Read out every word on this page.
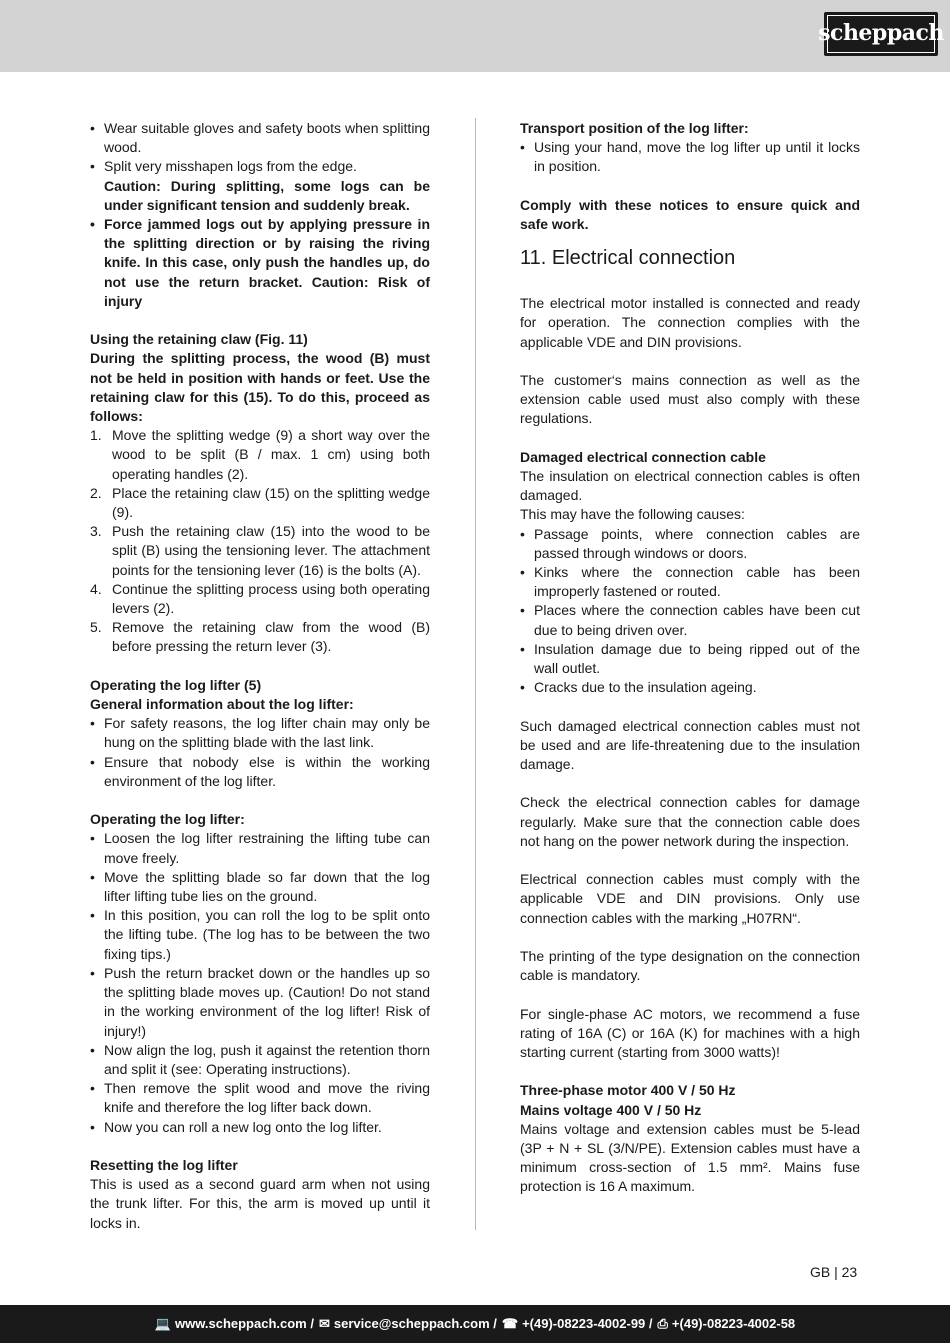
scheppach
• Wear suitable gloves and safety boots when splitting wood.
• Split very misshapen logs from the edge.
Caution: During splitting, some logs can be under significant tension and suddenly break.
• Force jammed logs out by applying pressure in the splitting direction or by raising the riving knife. In this case, only push the handles up, do not use the return bracket. Caution: Risk of injury

Using the retaining claw (Fig. 11)

During the splitting process, the wood (B) must not be held in position with hands or feet. Use the retaining claw for this (15). To do this, proceed as follows:

1. Move the splitting wedge (9) a short way over the wood to be split (B / max. 1 cm) using both operating handles (2).
2. Place the retaining claw (15) on the splitting wedge (9).
3. Push the retaining claw (15) into the wood to be split (B) using the tensioning lever. The attachment points for the tensioning lever (16) is the bolts (A).
4. Continue the splitting process using both operating levers (2).
5. Remove the retaining claw from the wood (B) before pressing the return lever (3).

Operating the log lifter (5)

General information about the log lifter:

• For safety reasons, the log lifter chain may only be hung on the splitting blade with the last link.
• Ensure that nobody else is within the working environment of the log lifter.

Operating the log lifter:

• Loosen the log lifter restraining the lifting tube can move freely.
• Move the splitting blade so far down that the log lifter lifting tube lies on the ground.
• In this position, you can roll the log to be split onto the lifting tube. (The log has to be between the two fixing tips.)
• Push the return bracket down or the handles up so the splitting blade moves up. (Caution! Do not stand in the working environment of the log lifter! Risk of injury!)
• Now align the log, push it against the retention thorn and split it (see: Operating instructions).
• Then remove the split wood and move the riving knife and therefore the log lifter back down.
• Now you can roll a new log onto the log lifter.

Resetting the log lifter

This is used as a second guard arm when not using the trunk lifter. For this, the arm is moved up until it locks in.

Transport position of the log lifter:

• Using your hand, move the log lifter up until it locks in position.

Comply with these notices to ensure quick and safe work.

11. Electrical connection

The electrical motor installed is connected and ready for operation. The connection complies with the applicable VDE and DIN provisions.

The customer‘s mains connection as well as the extension cable used must also comply with these regulations.

Damaged electrical connection cable

The insulation on electrical connection cables is often damaged.

This may have the following causes:

• Passage points, where connection cables are passed through windows or doors.
• Kinks where the connection cable has been improperly fastened or routed.
• Places where the connection cables have been cut due to being driven over.
• Insulation damage due to being ripped out of the wall outlet.
• Cracks due to the insulation ageing.

Such damaged electrical connection cables must not be used and are life-threatening due to the insulation damage.

Check the electrical connection cables for damage regularly. Make sure that the connection cable does not hang on the power network during the inspection.

Electrical connection cables must comply with the applicable VDE and DIN provisions. Only use connection cables with the marking „H07RN“.

The printing of the type designation on the connection cable is mandatory.

For single-phase AC motors, we recommend a fuse rating of 16A (C) or 16A (K) for machines with a high starting current (starting from 3000 watts)!

Three-phase motor 400 V / 50 Hz

Mains voltage 400 V / 50 Hz

Mains voltage and extension cables must be 5-lead (3P + N + SL (3/N/PE). Extension cables must have a minimum cross-section of 1.5 mm². Mains fuse protection is 16 A maximum.

GB | 23
💻 www.scheppach.com / ✉ service@scheppach.com / ☎ +(49)-08223-4002-99 / ⎙ +(49)-08223-4002-58
